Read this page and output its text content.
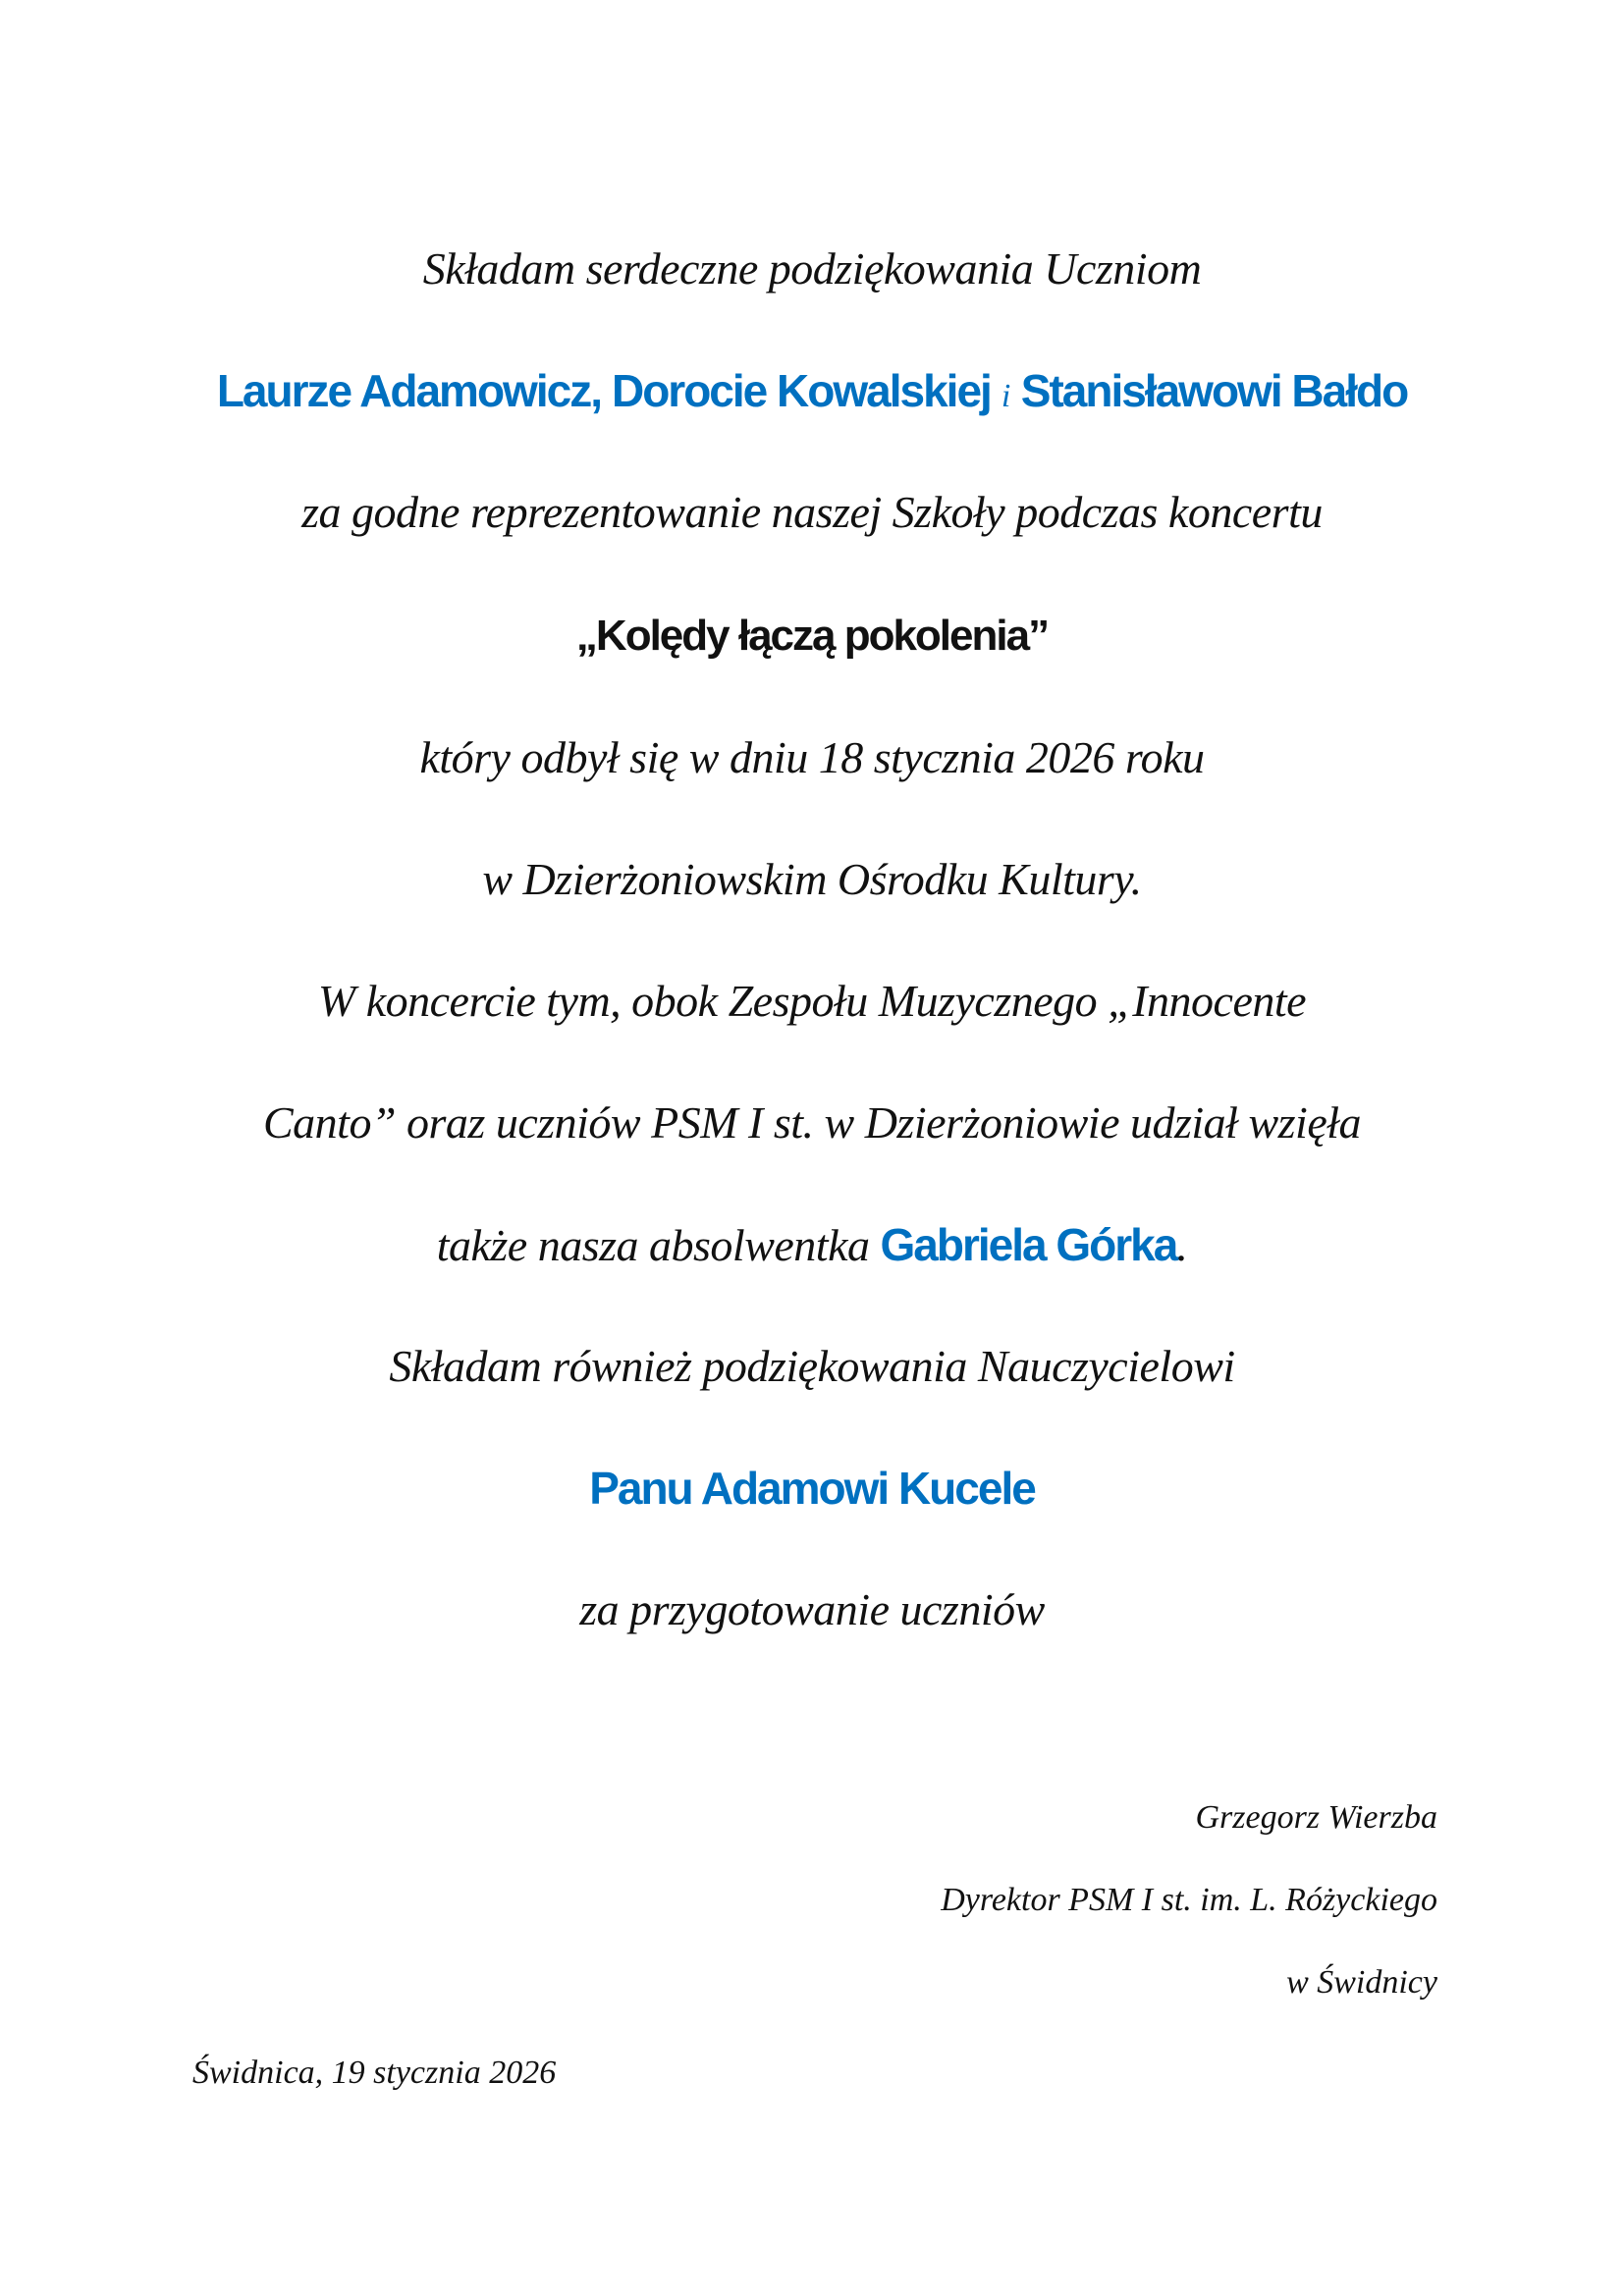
Składam serdeczne podziękowania Uczniom
Laurze Adamowicz, Dorocie Kowalskiej i Stanisławowi Bałdo
za godne reprezentowanie naszej Szkoły podczas koncertu
„Kolędy łączą pokolenia”
który odbył się w dniu 18 stycznia 2026 roku
w Dzierżoniowskim Ośrodku Kultury.
W koncercie tym, obok Zespołu Muzycznego „Innocente
Canto” oraz uczniów PSM I st. w Dzierżoniowie udział wzięła
także nasza absolwentka Gabriela Górka.
Składam również podziękowania Nauczycielowi
Panu Adamowi Kucele
za przygotowanie uczniów
Grzegorz Wierzba
Dyrektor PSM I st. im. L. Różyckiego
w Świdnicy
Świdnica, 19 stycznia 2026
